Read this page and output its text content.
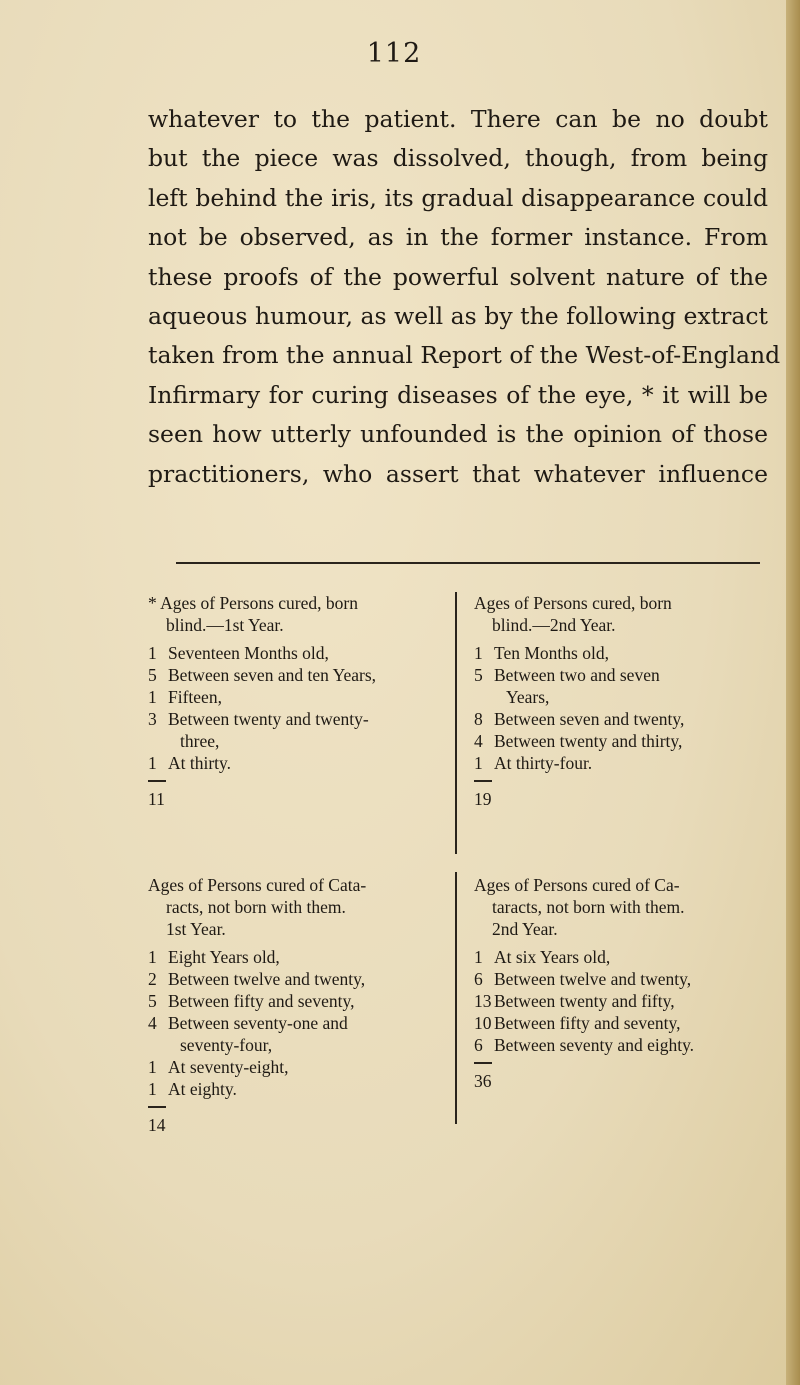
112
whatever to the patient. There can be no doubt
but the piece was dissolved, though, from being
left behind the iris, its gradual disappearance could
not be observed, as in the former instance. From
these proofs of the powerful solvent nature of the
aqueous humour, as well as by the following extract
taken from the annual Report of the West-of-England
Infirmary for curing diseases of the eye, * it will be
seen how utterly unfounded is the opinion of those
practitioners, who assert that whatever influence
* Ages of Persons cured, born
blind.—1st Year.
1 Seventeen Months old,
5 Between seven and ten Years,
1 Fifteen,
3 Between twenty and twenty-
three,
1 At thirty.
11
Ages of Persons cured, born
blind.—2nd Year.
1 Ten Months old,
5 Between two and seven
Years,
8 Between seven and twenty,
4 Between twenty and thirty,
1 At thirty-four.
19
Ages of Persons cured of Cata-
racts, not born with them.
1st Year.
1 Eight Years old,
2 Between twelve and twenty,
5 Between fifty and seventy,
4 Between seventy-one and
seventy-four,
1 At seventy-eight,
1 At eighty.
14
Ages of Persons cured of Ca-
taracts, not born with them.
2nd Year.
1 At six Years old,
6 Between twelve and twenty,
13 Between twenty and fifty,
10 Between fifty and seventy,
6 Between seventy and eighty.
36
